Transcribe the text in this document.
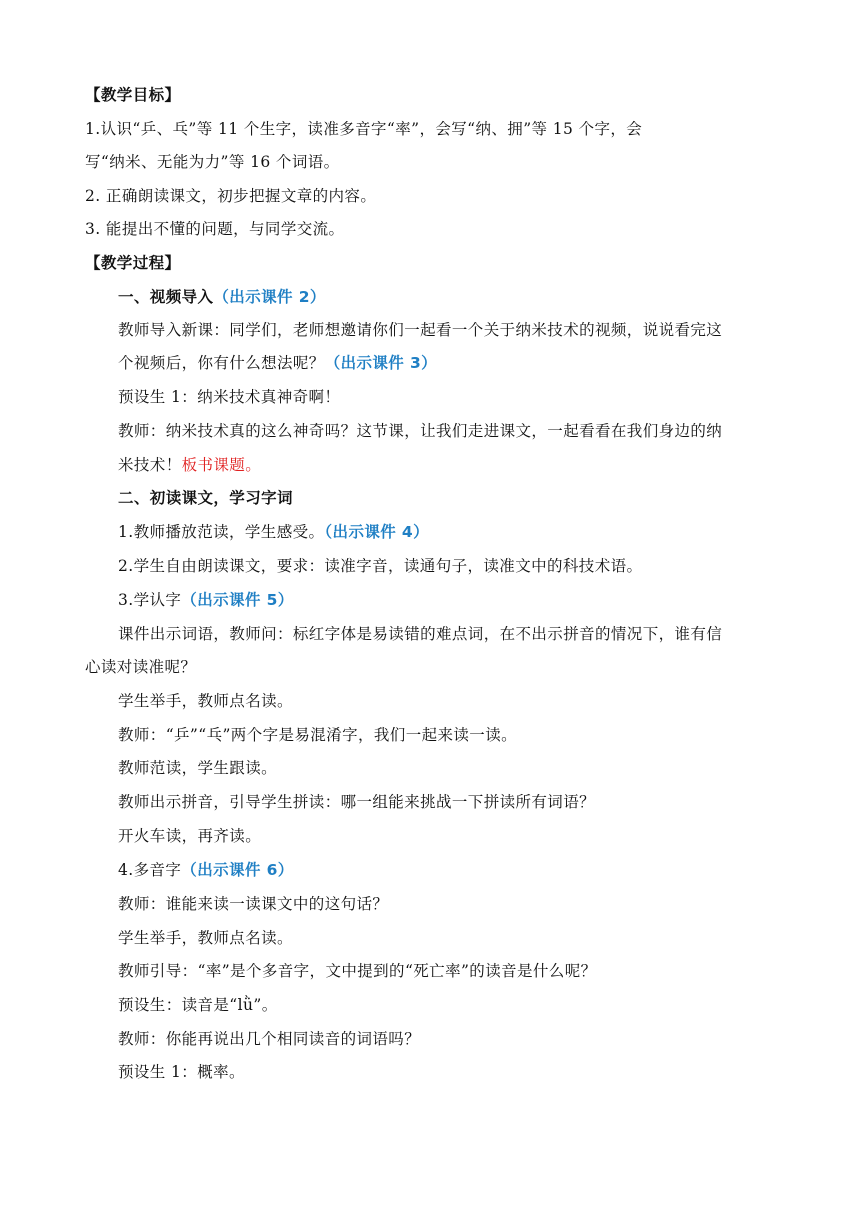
【教学目标】
1.认识“乒、乓”等 11 个生字，读准多音字“率”，会写“纳、拥”等 15 个字，会
写“纳米、无能为力”等 16 个词语。
2. 正确朗读课文，初步把握文章的内容。
3. 能提出不懂的问题，与同学交流。
【教学过程】
一、视频导入（出示课件 2）
教师导入新课：同学们，老师想邀请你们一起看一个关于纳米技术的视频，说说看完这
个视频后，你有什么想法呢？（出示课件 3）
预设生 1：纳米技术真神奇啊！
教师：纳米技术真的这么神奇吗？这节课，让我们走进课文，一起看看在我们身边的纳
米技术！板书课题。
二、初读课文，学习字词
1.教师播放范读，学生感受。（出示课件 4）
2.学生自由朗读课文，要求：读准字音，读通句子，读准文中的科技术语。
3.学认字（出示课件 5）
课件出示词语，教师问：标红字体是易读错的难点词，在不出示拼音的情况下，谁有信
心读对读准呢？
学生举手，教师点名读。
教师：“乒”“乓”两个字是易混淆字，我们一起来读一读。
教师范读，学生跟读。
教师出示拼音，引导学生拼读：哪一组能来挑战一下拼读所有词语？
开火车读，再齐读。
4.多音字（出示课件 6）
教师：谁能来读一读课文中的这句话？
学生举手，教师点名读。
教师引导：“率”是个多音字，文中提到的“死亡率”的读音是什么呢？
预设生：读音是“lǜ”。
教师：你能再说出几个相同读音的词语吗？
预设生 1：概率。
